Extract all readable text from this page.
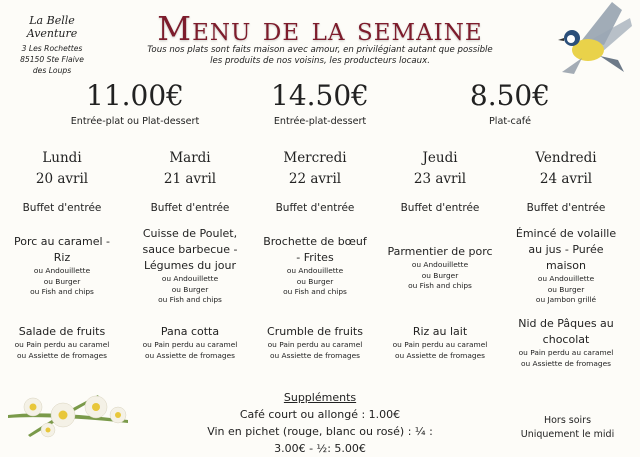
La Belle
Aventure
3 Les Rochettes
85150 Ste Flaive
des Loups
Menu de la semaine
Tous nos plats sont faits maison avec amour, en privilégiant autant que possible
les produits de nos voisins, les producteurs locaux.
11.00€
Entrée-plat ou Plat-dessert
14.50€
Entrée-plat-dessert
8.50€
Plat-café
Lundi
20 avril
Buffet d'entrée
Porc au caramel -
Riz
ou Andouillette
ou Burger
ou Fish and chips
Salade de fruits
ou Pain perdu au caramel
ou Assiette de fromages
Mardi
21 avril
Buffet d'entrée
Cuisse de Poulet,
sauce barbecue -
Légumes du jour
ou Andouillette
ou Burger
ou Fish and chips
Pana cotta
ou Pain perdu au caramel
ou Assiette de fromages
Mercredi
22 avril
Buffet d'entrée
Brochette de bœuf
- Frites
ou Andouillette
ou Burger
ou Fish and chips
Crumble de fruits
ou Pain perdu au caramel
ou Assiette de fromages
Jeudi
23 avril
Buffet d'entrée
Parmentier de porc
ou Andouillette
ou Burger
ou Fish and chips
Riz au lait
ou Pain perdu au caramel
ou Assiette de fromages
Vendredi
24 avril
Buffet d'entrée
Émincé de volaille
au jus - Purée
maison
ou Andouillette
ou Burger
ou Jambon grillé
Nid de Pâques au
chocolat
ou Pain perdu au caramel
ou Assiette de fromages
Suppléments
Café court ou allongé : 1.00€
Vin en pichet (rouge, blanc ou rosé) : ¼ : 3.00€ - ½: 5.00€
Hors soirs
Uniquement le midi
